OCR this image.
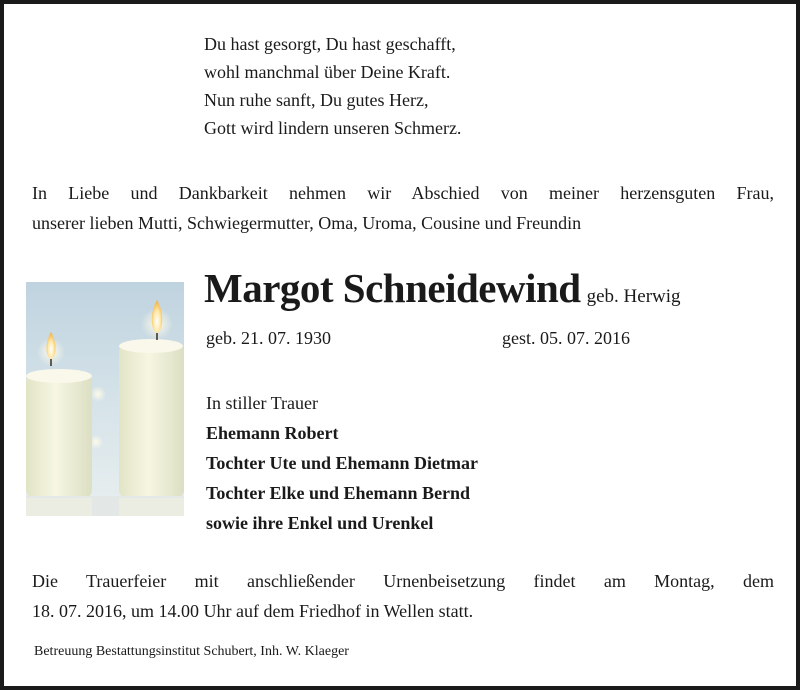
Du hast gesorgt, Du hast geschafft,
wohl manchmal über Deine Kraft.
Nun ruhe sanft, Du gutes Herz,
Gott wird lindern unseren Schmerz.
In Liebe und Dankbarkeit nehmen wir Abschied von meiner herzensguten Frau,
unserer lieben Mutti, Schwiegermutter, Oma, Uroma, Cousine und Freundin
Margot Schneidewind geb. Herwig
geb. 21. 07. 1930	gest. 05. 07. 2016
In stiller Trauer
Ehemann Robert
Tochter Ute und Ehemann Dietmar
Tochter Elke und Ehemann Bernd
sowie ihre Enkel und Urenkel
Die Trauerfeier mit anschließender Urnenbeisetzung findet am Montag, dem
18. 07. 2016, um 14.00 Uhr auf dem Friedhof in Wellen statt.
Betreuung Bestattungsinstitut Schubert, Inh. W. Klaeger
